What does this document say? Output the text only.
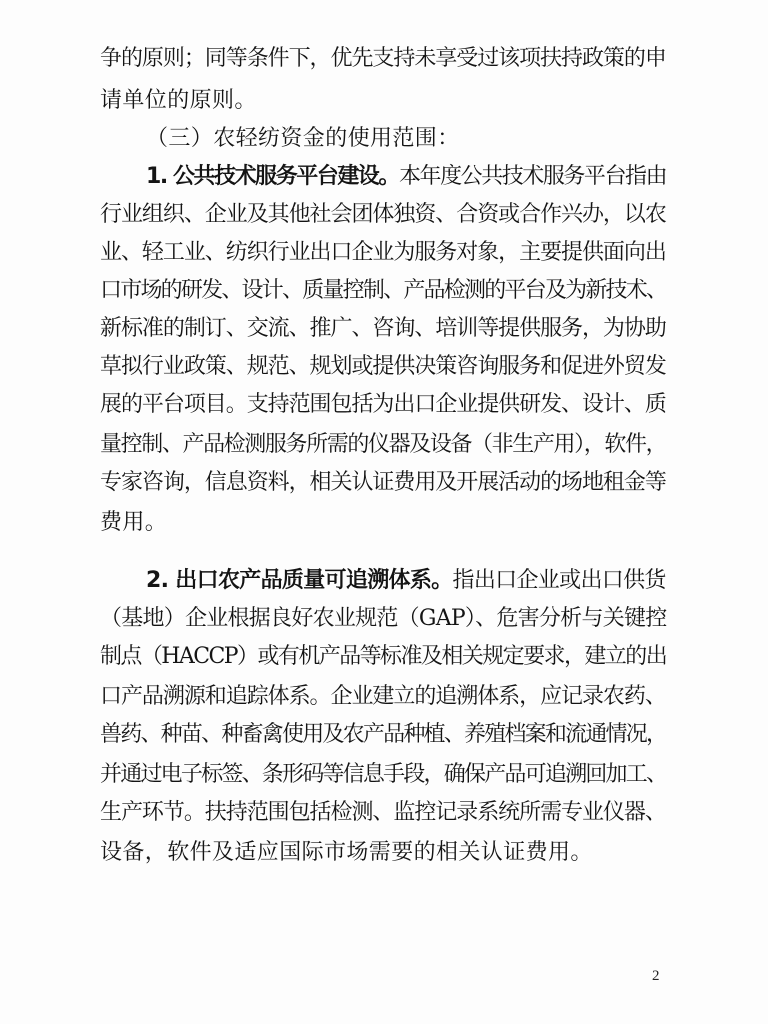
争的原则；同等条件下，优先支持未享受过该项扶持政策的申
请单位的原则。
（三）农轻纺资金的使用范围：
1. 公共技术服务平台建设。本年度公共技术服务平台指由
行业组织、企业及其他社会团体独资、合资或合作兴办，以农
业、轻工业、纺织行业出口企业为服务对象，主要提供面向出
口市场的研发、设计、质量控制、产品检测的平台及为新技术、
新标准的制订、交流、推广、咨询、培训等提供服务，为协助
草拟行业政策、规范、规划或提供决策咨询服务和促进外贸发
展的平台项目。支持范围包括为出口企业提供研发、设计、质
量控制、产品检测服务所需的仪器及设备（非生产用），软件，
专家咨询，信息资料，相关认证费用及开展活动的场地租金等
费用。
2. 出口农产品质量可追溯体系。指出口企业或出口供货
（基地）企业根据良好农业规范（GAP）、危害分析与关键控
制点（HACCP）或有机产品等标准及相关规定要求，建立的出
口产品溯源和追踪体系。企业建立的追溯体系，应记录农药、
兽药、种苗、种畜禽使用及农产品种植、养殖档案和流通情况，
并通过电子标签、条形码等信息手段，确保产品可追溯回加工、
生产环节。扶持范围包括检测、监控记录系统所需专业仪器、
设备，软件及适应国际市场需要的相关认证费用。
2
